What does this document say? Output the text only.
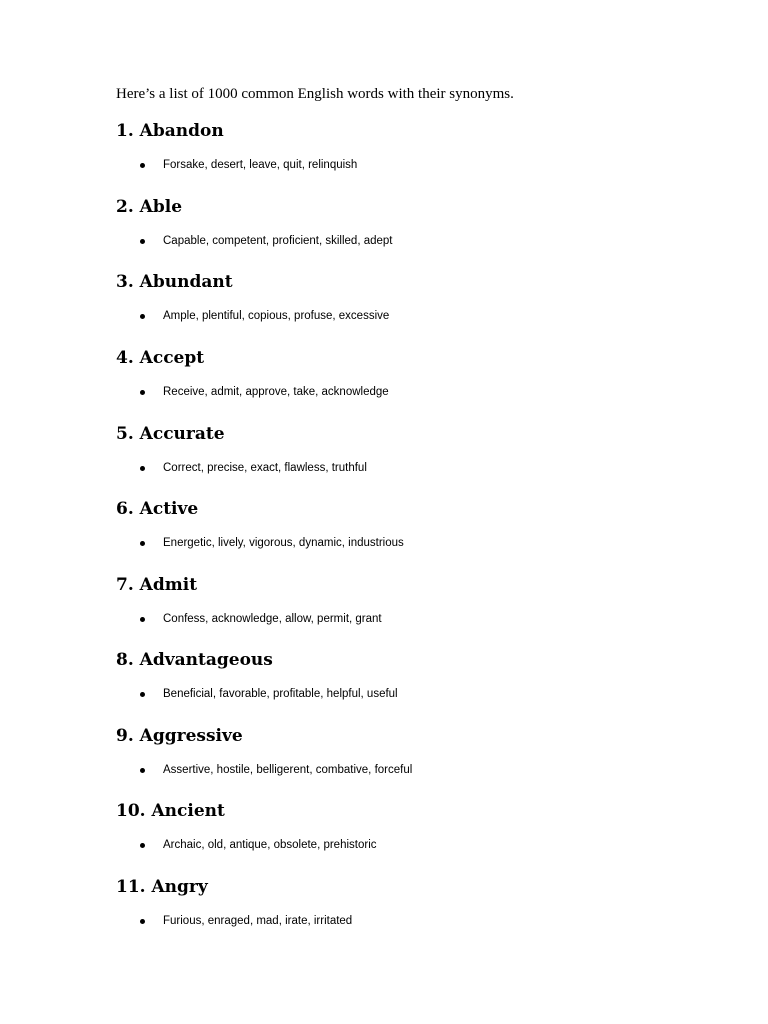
Here’s a list of 1000 common English words with their synonyms.
1. Abandon
Forsake, desert, leave, quit, relinquish
2. Able
Capable, competent, proficient, skilled, adept
3. Abundant
Ample, plentiful, copious, profuse, excessive
4. Accept
Receive, admit, approve, take, acknowledge
5. Accurate
Correct, precise, exact, flawless, truthful
6. Active
Energetic, lively, vigorous, dynamic, industrious
7. Admit
Confess, acknowledge, allow, permit, grant
8. Advantageous
Beneficial, favorable, profitable, helpful, useful
9. Aggressive
Assertive, hostile, belligerent, combative, forceful
10. Ancient
Archaic, old, antique, obsolete, prehistoric
11. Angry
Furious, enraged, mad, irate, irritated
